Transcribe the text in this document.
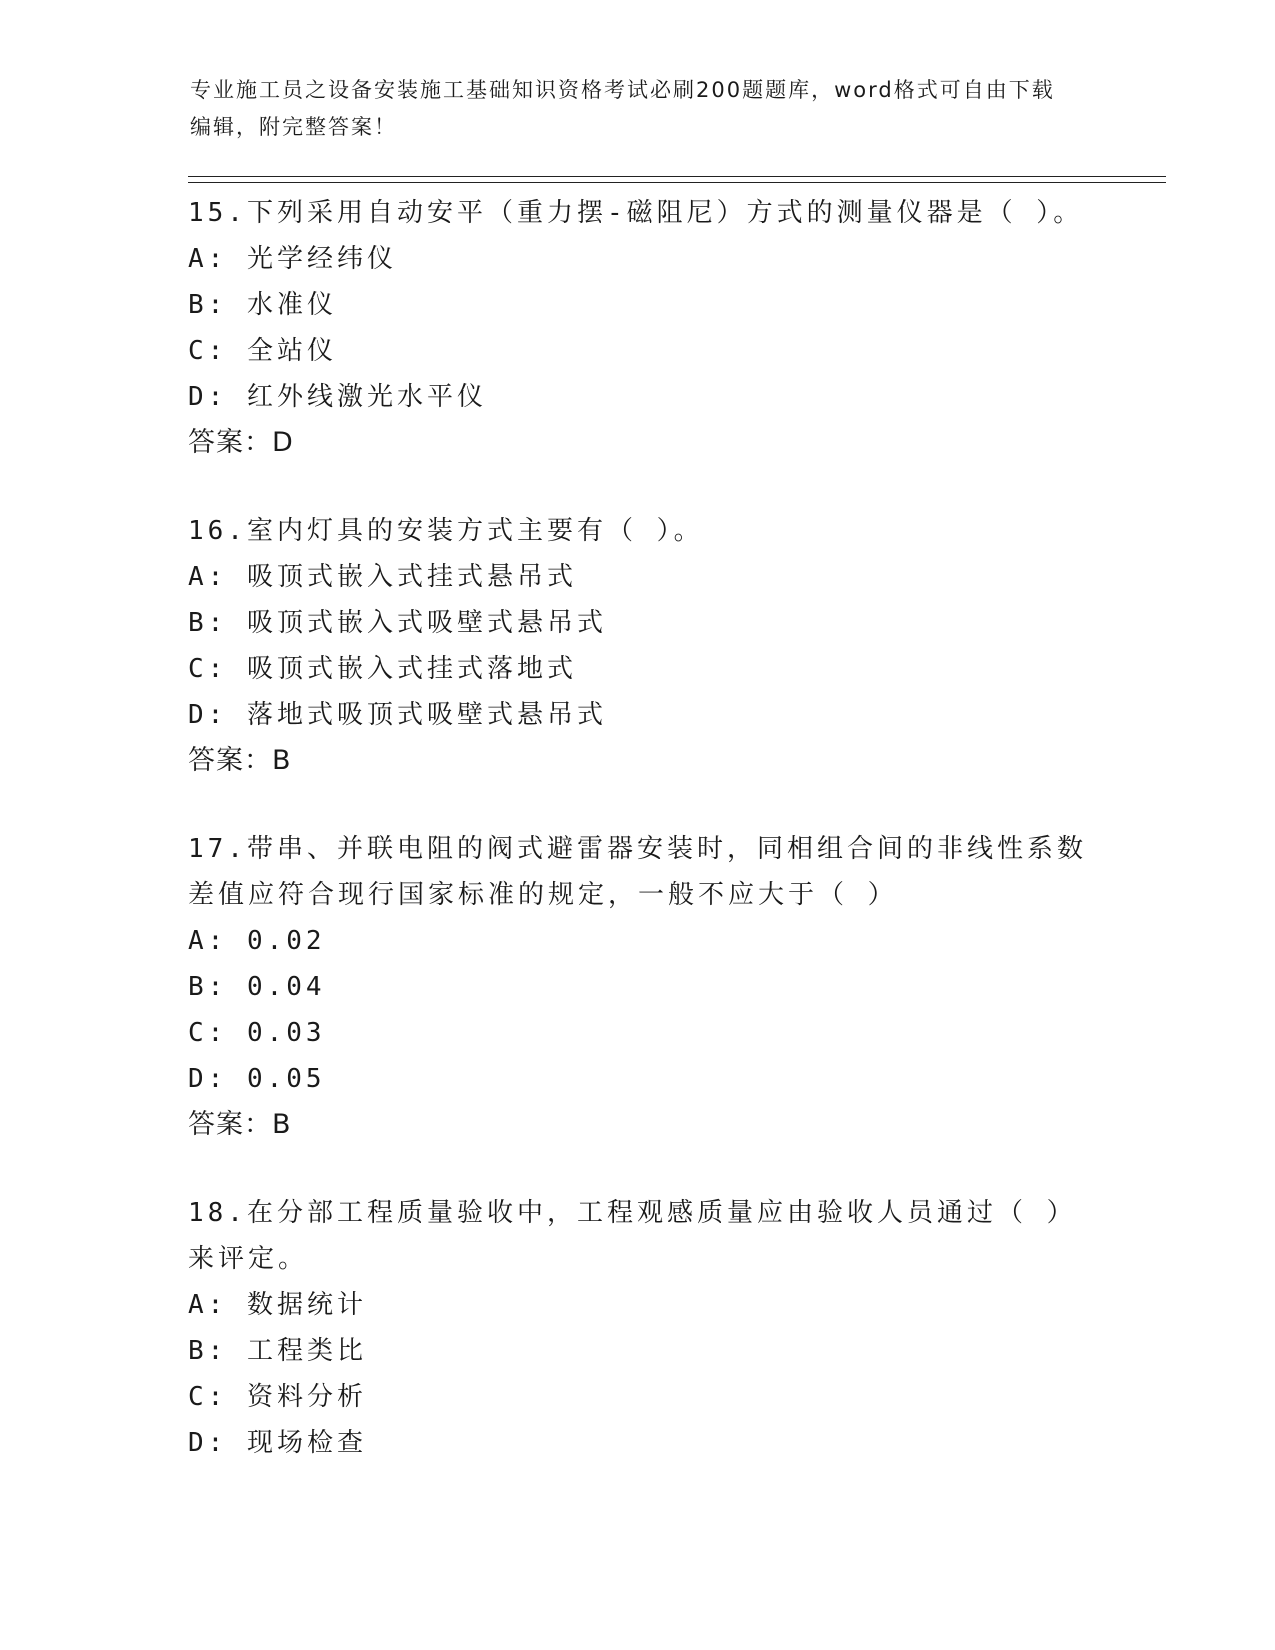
专业施工员之设备安装施工基础知识资格考试必刷200题题库，word格式可自由下载编辑，附完整答案！

15.下列采用自动安平（重力摆-磁阻尼）方式的测量仪器是（ ）。

A: 光学经纬仪

B: 水准仪

C: 全站仪

D: 红外线激光水平仪

答案：D

16.室内灯具的安装方式主要有（ ）。

A: 吸顶式嵌入式挂式悬吊式

B: 吸顶式嵌入式吸壁式悬吊式

C: 吸顶式嵌入式挂式落地式

D: 落地式吸顶式吸壁式悬吊式

答案：B

17.带串、并联电阻的阀式避雷器安装时，同相组合间的非线性系数差值应符合现行国家标准的规定，一般不应大于（ ）

A: 0.02

B: 0.04

C: 0.03

D: 0.05

答案：B

18.在分部工程质量验收中，工程观感质量应由验收人员通过（ ）来评定。

A: 数据统计

B: 工程类比

C: 资料分析

D: 现场检查
